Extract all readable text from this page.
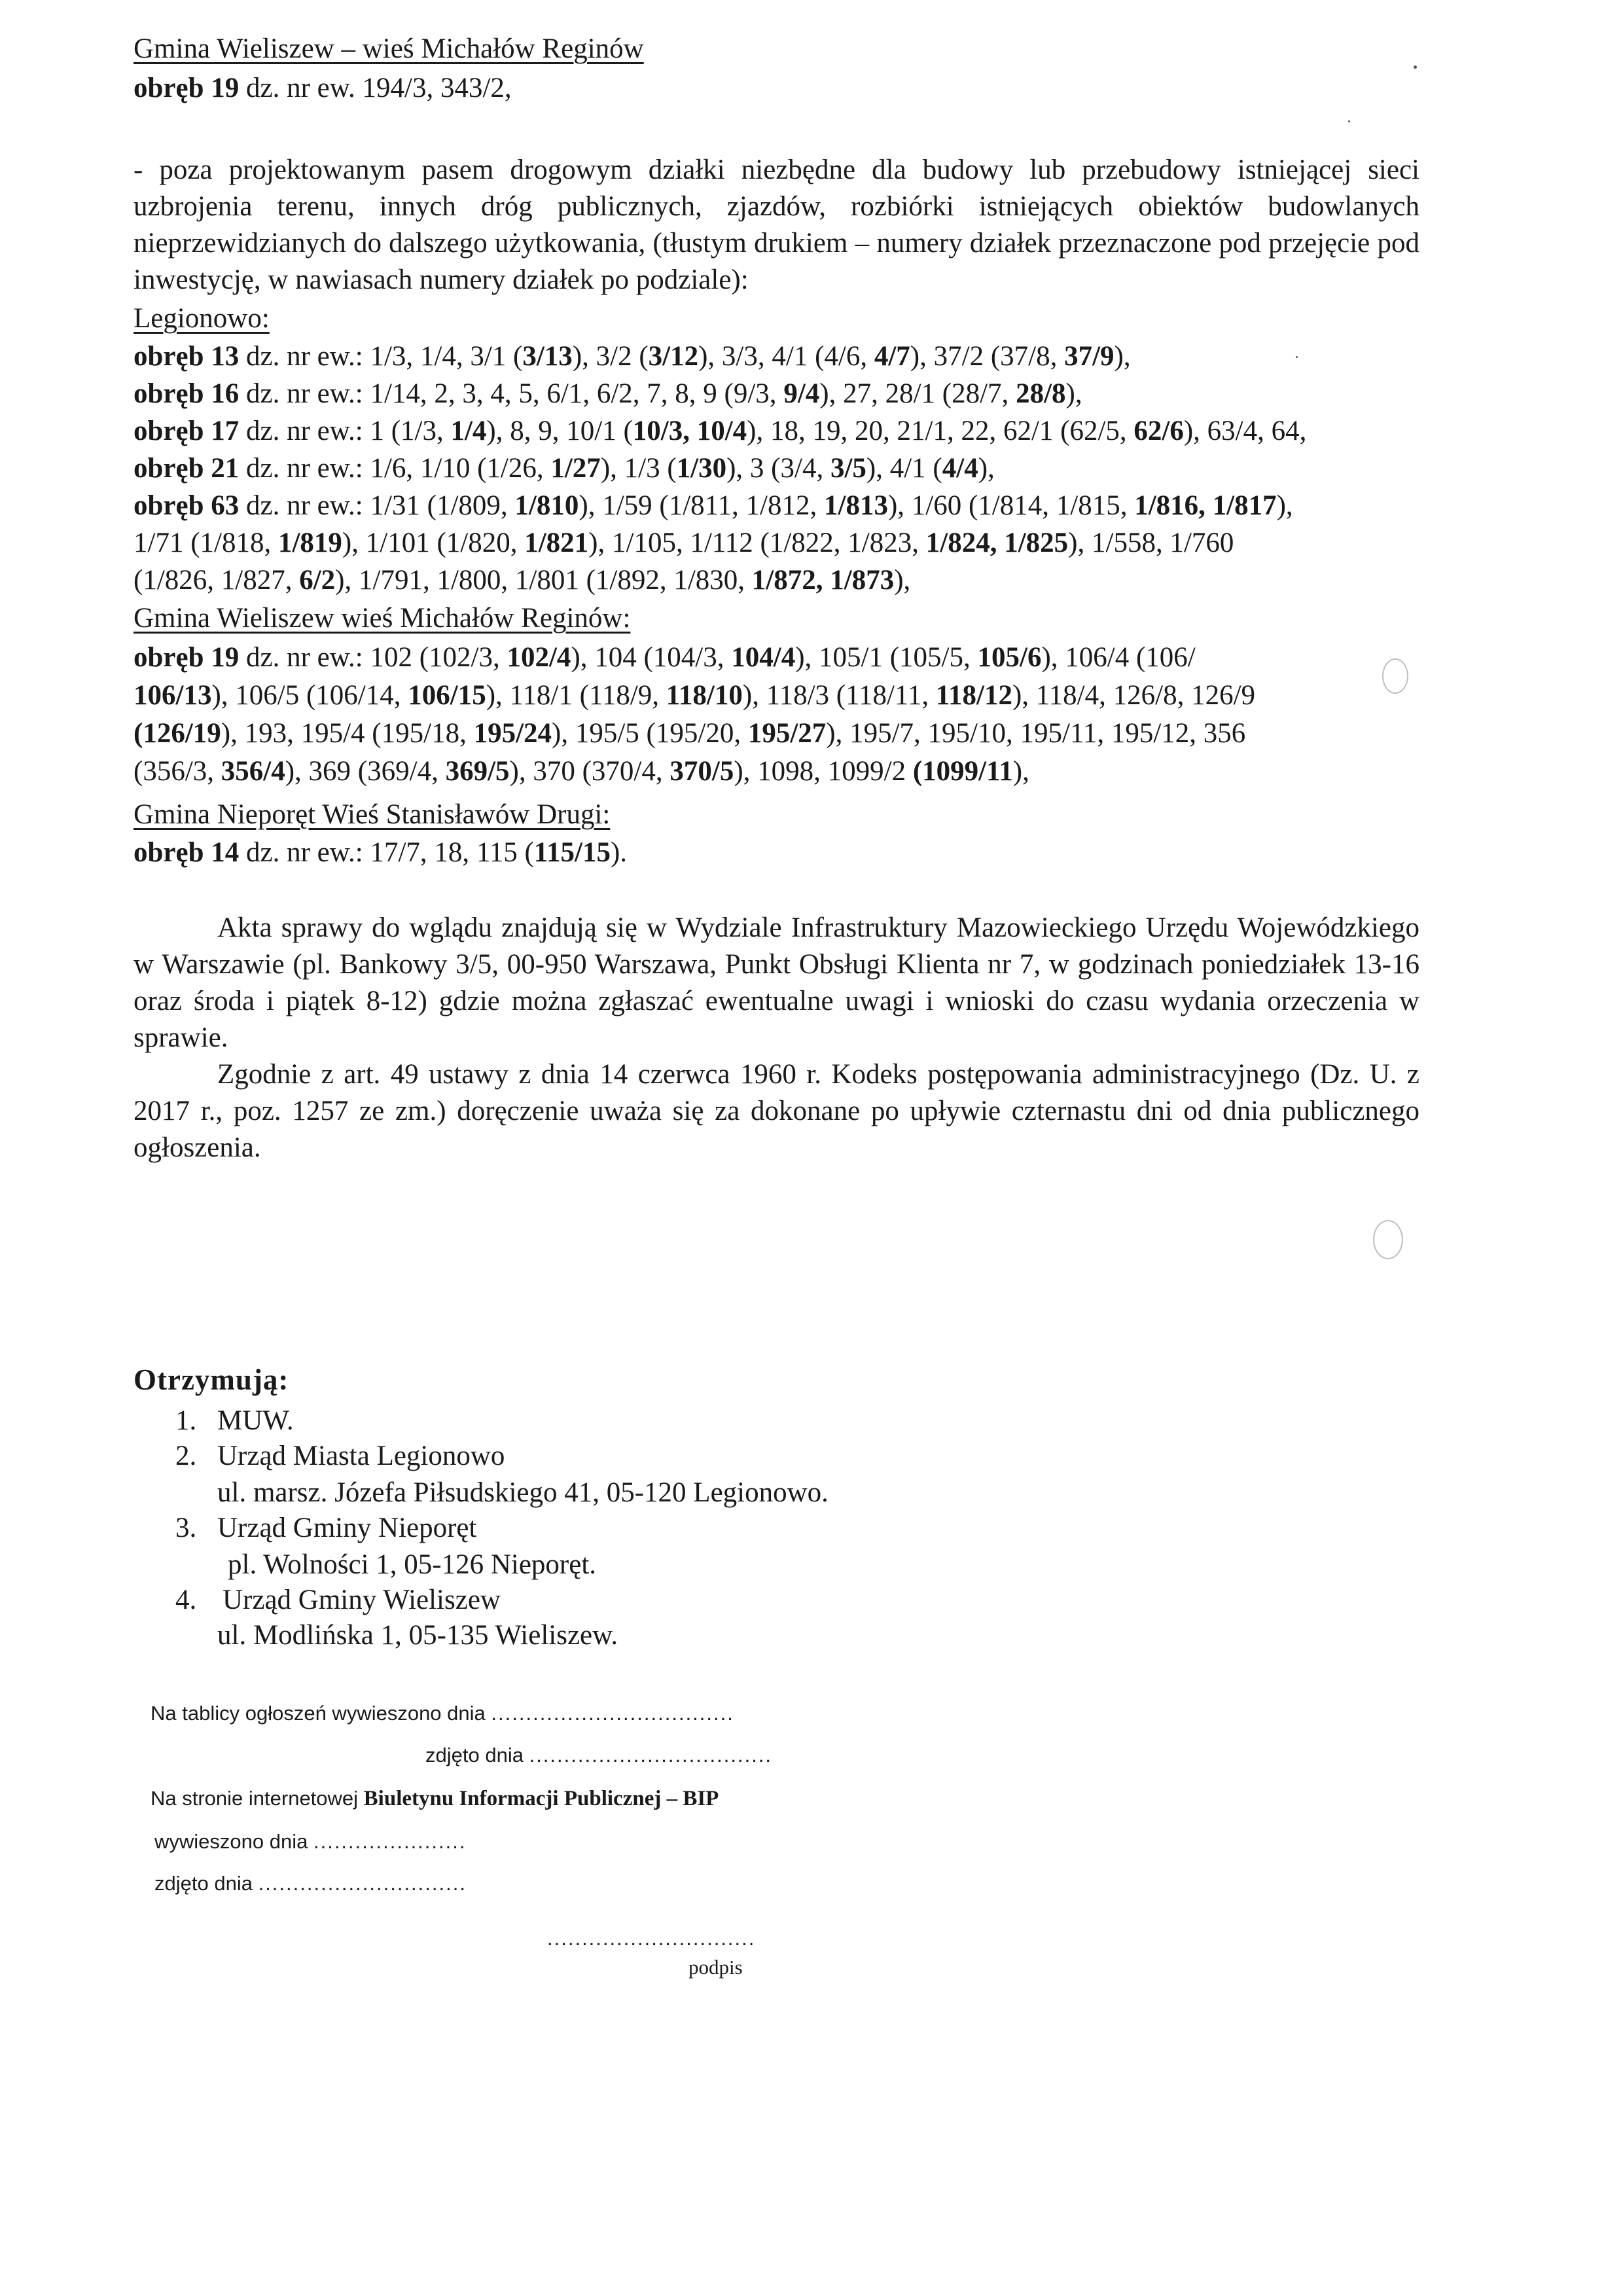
Gmina Wieliszew – wieś Michałów Reginów
obręb 19 dz. nr ew. 194/3, 343/2,
- poza projektowanym pasem drogowym działki niezbędne dla budowy lub przebudowy istniejącej sieci uzbrojenia terenu, innych dróg publicznych, zjazdów, rozbiórki istniejących obiektów budowlanych nieprzewidzianych do dalszego użytkowania, (tłustym drukiem – numery działek przeznaczone pod przejęcie pod inwestycję, w nawiasach numery działek po podziale):
Legionowo:
obręb 13 dz. nr ew.: 1/3, 1/4, 3/1 (3/13), 3/2 (3/12), 3/3, 4/1 (4/6, 4/7), 37/2 (37/8, 37/9),
obręb 16 dz. nr ew.: 1/14, 2, 3, 4, 5, 6/1, 6/2, 7, 8, 9 (9/3, 9/4), 27, 28/1 (28/7, 28/8),
obręb 17 dz. nr ew.: 1 (1/3, 1/4), 8, 9, 10/1 (10/3, 10/4), 18, 19, 20, 21/1, 22, 62/1 (62/5, 62/6), 63/4, 64,
obręb 21 dz. nr ew.: 1/6, 1/10 (1/26, 1/27), 1/3 (1/30), 3 (3/4, 3/5), 4/1 (4/4),
obręb 63 dz. nr ew.: 1/31 (1/809, 1/810), 1/59 (1/811, 1/812, 1/813), 1/60 (1/814, 1/815, 1/816, 1/817),
1/71 (1/818, 1/819), 1/101 (1/820, 1/821), 1/105, 1/112 (1/822, 1/823, 1/824, 1/825), 1/558, 1/760
(1/826, 1/827, 6/2), 1/791, 1/800, 1/801 (1/892, 1/830, 1/872, 1/873),
Gmina Wieliszew wieś Michałów Reginów:
obręb 19 dz. nr ew.: 102 (102/3, 102/4), 104 (104/3, 104/4), 105/1 (105/5, 105/6), 106/4 (106/
106/13), 106/5 (106/14, 106/15), 118/1 (118/9, 118/10), 118/3 (118/11, 118/12), 118/4, 126/8, 126/9
(126/19), 193, 195/4 (195/18, 195/24), 195/5 (195/20, 195/27), 195/7, 195/10, 195/11, 195/12, 356
(356/3, 356/4), 369 (369/4, 369/5), 370 (370/4, 370/5), 1098, 1099/2 (1099/11),
Gmina Nieporęt Wieś Stanisławów Drugi:
obręb 14 dz. nr ew.: 17/7, 18, 115 (115/15).
Akta sprawy do wglądu znajdują się w Wydziale Infrastruktury Mazowieckiego Urzędu Wojewódzkiego w Warszawie (pl. Bankowy 3/5, 00-950 Warszawa, Punkt Obsługi Klienta nr 7, w godzinach poniedziałek 13-16 oraz środa i piątek 8-12) gdzie można zgłaszać ewentualne uwagi i wnioski do czasu wydania orzeczenia w sprawie.
Zgodnie z art. 49 ustawy z dnia 14 czerwca 1960 r. Kodeks postępowania administracyjnego (Dz. U. z 2017 r., poz. 1257 ze zm.) doręczenie uważa się za dokonane po upływie czternastu dni od dnia publicznego ogłoszenia.
Otrzymują:
1. MUW.
2. Urząd Miasta Legionowo
ul. marsz. Józefa Piłsudskiego 41, 05-120 Legionowo.
3. Urząd Gminy Nieporęt
pl. Wolności 1, 05-126 Nieporęt.
4. Urząd Gminy Wieliszew
ul. Modlińska 1, 05-135 Wieliszew.
Na tablicy ogłoszeń wywieszono dnia ...................................
zdjęto dnia ...................................
Na stronie internetowej Biuletynu Informacji Publicznej – BIP
wywieszono dnia ......................
zdjęto dnia ..............................
..............................
podpis
